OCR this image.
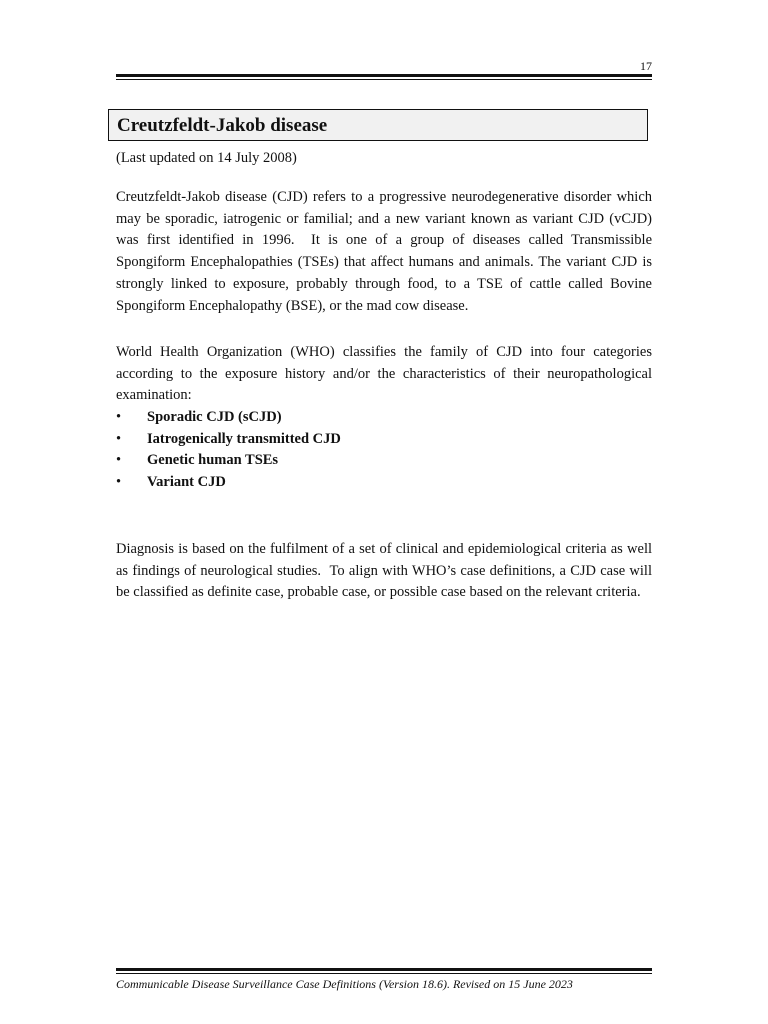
17
Creutzfeldt-Jakob disease
(Last updated on 14 July 2008)

Creutzfeldt-Jakob disease (CJD) refers to a progressive neurodegenerative disorder which may be sporadic, iatrogenic or familial; and a new variant known as variant CJD (vCJD) was first identified in 1996.  It is one of a group of diseases called Transmissible Spongiform Encephalopathies (TSEs) that affect humans and animals. The variant CJD is strongly linked to exposure, probably through food, to a TSE of cattle called Bovine Spongiform Encephalopathy (BSE), or the mad cow disease.

World Health Organization (WHO) classifies the family of CJD into four categories according to the exposure history and/or the characteristics of their neuropathological examination:

• Sporadic CJD (sCJD)
• Iatrogenically transmitted CJD
• Genetic human TSEs
• Variant CJD

Diagnosis is based on the fulfilment of a set of clinical and epidemiological criteria as well as findings of neurological studies.  To align with WHO’s case definitions, a CJD case will be classified as definite case, probable case, or possible case based on the relevant criteria.

Communicable Disease Surveillance Case Definitions (Version 18.6). Revised on 15 June 2023
